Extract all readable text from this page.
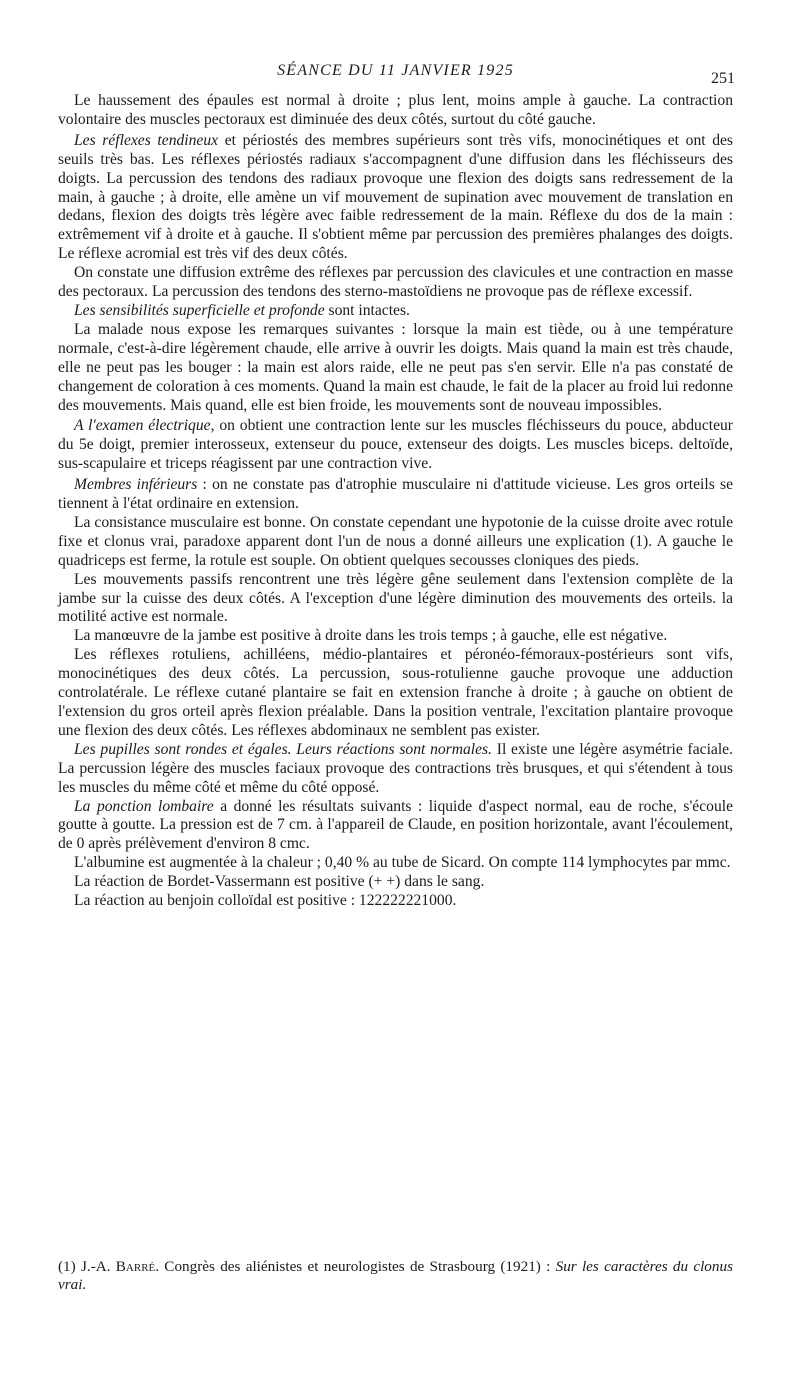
SÉANCE DU 11 JANVIER 1925	251

Le haussement des épaules est normal à droite ; plus lent, moins ample à gauche. La contraction volontaire des muscles pectoraux est diminuée des deux côtés, surtout du côté gauche.

Les réflexes tendineux et périostés des membres supérieurs sont très vifs, monocinétiques et ont des seuils très bas. Les réflexes périostés radiaux s'accompagnent d'une diffusion dans les fléchisseurs des doigts. La percussion des tendons des radiaux provoque une flexion des doigts sans redressement de la main, à gauche ; à droite, elle amène un vif mouvement de supination avec mouvement de translation en dedans, flexion des doigts très légère avec faible redressement de la main. Réflexe du dos de la main : extrêmement vif à droite et à gauche. Il s'obtient même par percussion des premières phalanges des doigts. Le réflexe acromial est très vif des deux côtés.

On constate une diffusion extrême des réflexes par percussion des clavicules et une contraction en masse des pectoraux. La percussion des tendons des sterno-mastoïdiens ne provoque pas de réflexe excessif.

Les sensibilités superficielle et profonde sont intactes.

La malade nous expose les remarques suivantes : lorsque la main est tiède, ou à une température normale, c'est-à-dire légèrement chaude, elle arrive à ouvrir les doigts. Mais quand la main est très chaude, elle ne peut pas les bouger : la main est alors raide, elle ne peut pas s'en servir. Elle n'a pas constaté de changement de coloration à ces moments. Quand la main est chaude, le fait de la placer au froid lui redonne des mouvements. Mais quand, elle est bien froide, les mouvements sont de nouveau impossibles.

A l'examen électrique, on obtient une contraction lente sur les muscles fléchisseurs du pouce, abducteur du 5e doigt, premier interosseux, extenseur du pouce, extenseur des doigts. Les muscles biceps. deltoïde, sus-scapulaire et triceps réagissent par une contraction vive.

Membres inférieurs : on ne constate pas d'atrophie musculaire ni d'attitude vicieuse. Les gros orteils se tiennent à l'état ordinaire en extension.

La consistance musculaire est bonne. On constate cependant une hypotonie de la cuisse droite avec rotule fixe et clonus vrai, paradoxe apparent dont l'un de nous a donné ailleurs une explication (1). A gauche le quadriceps est ferme, la rotule est souple. On obtient quelques secousses cloniques des pieds.

Les mouvements passifs rencontrent une très légère gêne seulement dans l'extension complète de la jambe sur la cuisse des deux côtés. A l'exception d'une légère diminution des mouvements des orteils. la motilité active est normale.

La manœuvre de la jambe est positive à droite dans les trois temps ; à gauche, elle est négative.

Les réflexes rotuliens, achilléens, médio-plantaires et péronéo-fémoraux-postérieurs sont vifs, monocinétiques des deux côtés. La percussion, sous-rotulienne gauche provoque une adduction controlatérale. Le réflexe cutané plantaire se fait en extension franche à droite ; à gauche on obtient de l'extension du gros orteil après flexion préalable. Dans la position ventrale, l'excitation plantaire provoque une flexion des deux côtés. Les réflexes abdominaux ne semblent pas exister.

Les pupilles sont rondes et égales. Leurs réactions sont normales. Il existe une légère asymétrie faciale. La percussion légère des muscles faciaux provoque des contractions très brusques, et qui s'étendent à tous les muscles du même côté et même du côté opposé.

La ponction lombaire a donné les résultats suivants : liquide d'aspect normal, eau de roche, s'écoule goutte à goutte. La pression est de 7 cm. à l'appareil de Claude, en position horizontale, avant l'écoulement, de 0 après prélèvement d'environ 8 cmc.

L'albumine est augmentée à la chaleur ; 0,40 % au tube de Sicard. On compte 114 lymphocytes par mmc.

La réaction de Bordet-Vassermann est positive (+ +) dans le sang.

La réaction au benjoin colloïdal est positive : 122222221000.

(1) J.-A. Barré. Congrès des aliénistes et neurologistes de Strasbourg (1921) : Sur les caractères du clonus vrai.
